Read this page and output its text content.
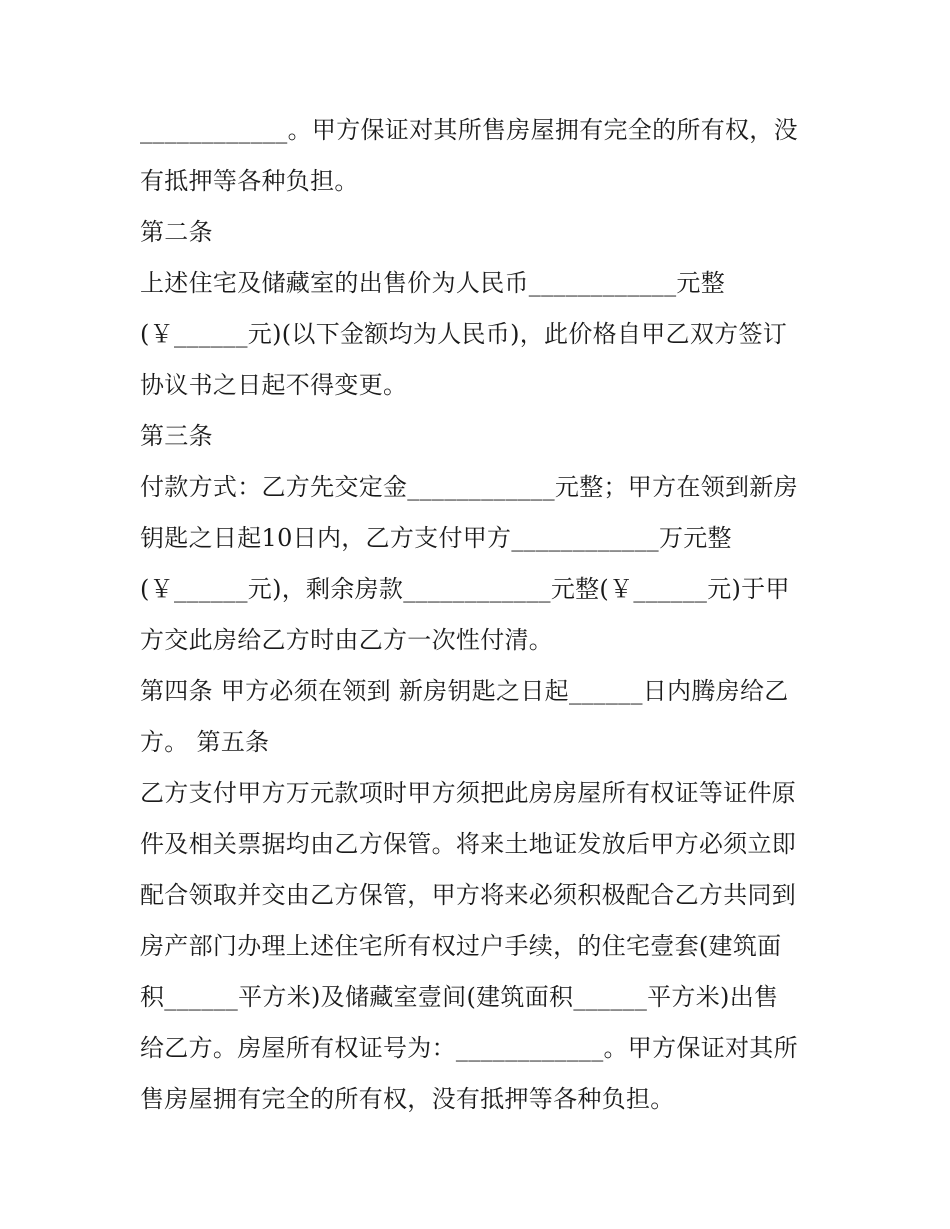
____________。甲方保证对其所售房屋拥有完全的所有权，没
有抵押等各种负担。
第二条
上述住宅及储藏室的出售价为人民币____________元整
(￥______元)(以下金额均为人民币)，此价格自甲乙双方签订
协议书之日起不得变更。
第三条
付款方式：乙方先交定金____________元整；甲方在领到新房
钥匙之日起10日内，乙方支付甲方____________万元整
(￥______元)，剩余房款____________元整(￥______元)于甲
方交此房给乙方时由乙方一次性付清。
第四条 甲方必须在领到 新房钥匙之日起______日内腾房给乙
方。 第五条
乙方支付甲方万元款项时甲方须把此房房屋所有权证等证件原
件及相关票据均由乙方保管。将来土地证发放后甲方必须立即
配合领取并交由乙方保管，甲方将来必须积极配合乙方共同到
房产部门办理上述住宅所有权过户手续，的住宅壹套(建筑面
积______平方米)及储藏室壹间(建筑面积______平方米)出售
给乙方。房屋所有权证号为：____________。甲方保证对其所
售房屋拥有完全的所有权，没有抵押等各种负担。
